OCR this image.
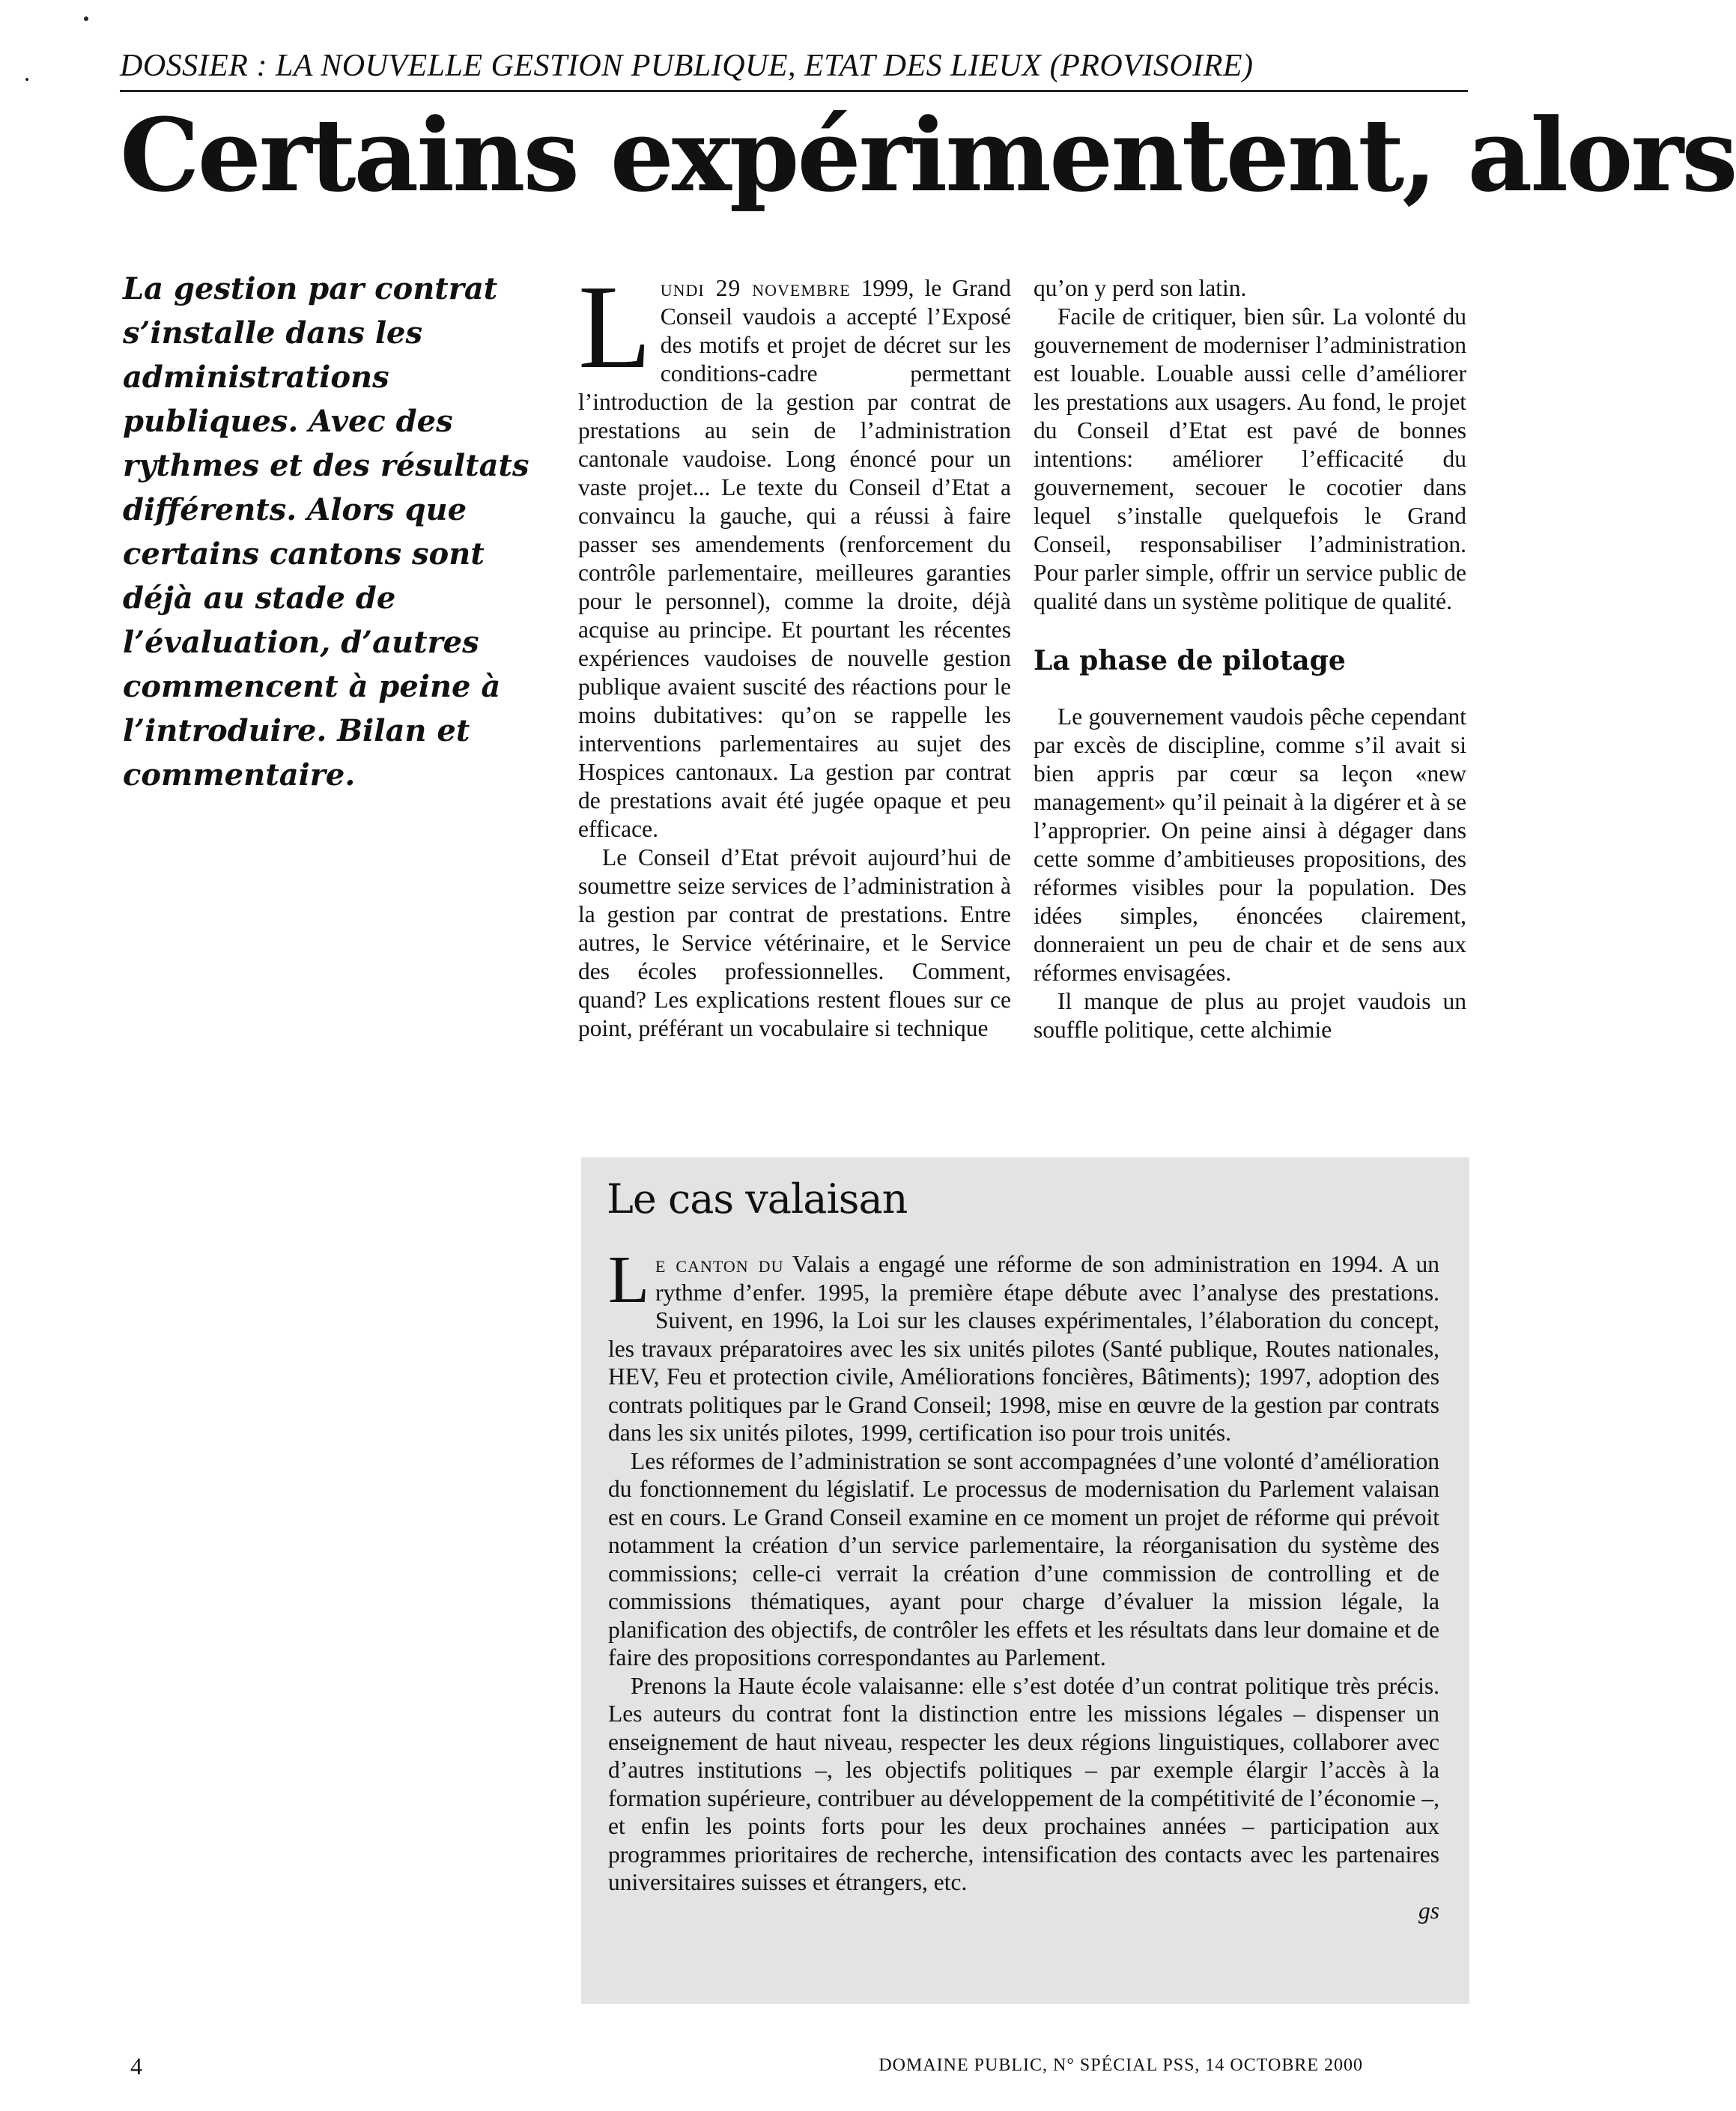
DOSSIER : LA NOUVELLE GESTION PUBLIQUE, ETAT DES LIEUX (PROVISOIRE)
Certains expérimentent, alors

La gestion par contrat s’installe dans les administrations publiques. Avec des rythmes et des résultats différents. Alors que certains cantons sont déjà au stade de l’évaluation, d’autres commencent à peine à l’introduire. Bilan et commentaire.

Lundi 29 novembre 1999, le Grand Conseil vaudois a accepté l’Exposé des motifs et projet de décret sur les conditions-cadre permettant l’introduction de la gestion par contrat de prestations au sein de l’administration cantonale vaudoise. Long énoncé pour un vaste projet... Le texte du Conseil d’Etat a convaincu la gauche, qui a réussi à faire passer ses amendements (renforcement du contrôle parlementaire, meilleures garanties pour le personnel), comme la droite, déjà acquise au principe. Et pourtant les récentes expériences vaudoises de nouvelle gestion publique avaient suscité des réactions pour le moins dubitatives: qu’on se rappelle les interventions parlementaires au sujet des Hospices cantonaux. La gestion par contrat de prestations avait été jugée opaque et peu efficace.

Le Conseil d’Etat prévoit aujourd’hui de soumettre seize services de l’administration à la gestion par contrat de prestations. Entre autres, le Service vétérinaire, et le Service des écoles professionnelles. Comment, quand? Les explications restent floues sur ce point, préférant un vocabulaire si technique

qu’on y perd son latin.

Facile de critiquer, bien sûr. La volonté du gouvernement de moderniser l’administration est louable. Louable aussi celle d’améliorer les prestations aux usagers. Au fond, le projet du Conseil d’Etat est pavé de bonnes intentions: améliorer l’efficacité du gouvernement, secouer le cocotier dans lequel s’installe quelquefois le Grand Conseil, responsabiliser l’administration. Pour parler simple, offrir un service public de qualité dans un système politique de qualité.

La phase de pilotage

Le gouvernement vaudois pêche cependant par excès de discipline, comme s’il avait si bien appris par cœur sa leçon «new management» qu’il peinait à la digérer et à se l’approprier. On peine ainsi à dégager dans cette somme d’ambitieuses propositions, des réformes visibles pour la population. Des idées simples, énoncées clairement, donneraient un peu de chair et de sens aux réformes envisagées.

Il manque de plus au projet vaudois un souffle politique, cette alchimie

Le cas valaisan

Le canton du Valais a engagé une réforme de son administration en 1994. A un rythme d’enfer. 1995, la première étape débute avec l’analyse des prestations. Suivent, en 1996, la Loi sur les clauses expérimentales, l’élaboration du concept, les travaux préparatoires avec les six unités pilotes (Santé publique, Routes nationales, HEV, Feu et protection civile, Améliorations foncières, Bâtiments); 1997, adoption des contrats politiques par le Grand Conseil; 1998, mise en œuvre de la gestion par contrats dans les six unités pilotes, 1999, certification iso pour trois unités.

Les réformes de l’administration se sont accompagnées d’une volonté d’amélioration du fonctionnement du législatif. Le processus de modernisation du Parlement valaisan est en cours. Le Grand Conseil examine en ce moment un projet de réforme qui prévoit notamment la création d’un service parlementaire, la réorganisation du système des commissions; celle-ci verrait la création d’une commission de controlling et de commissions thématiques, ayant pour charge d’évaluer la mission légale, la planification des objectifs, de contrôler les effets et les résultats dans leur domaine et de faire des propositions correspondantes au Parlement.

Prenons la Haute école valaisanne: elle s’est dotée d’un contrat politique très précis. Les auteurs du contrat font la distinction entre les missions légales – dispenser un enseignement de haut niveau, respecter les deux régions linguistiques, collaborer avec d’autres institutions –, les objectifs politiques – par exemple élargir l’accès à la formation supérieure, contribuer au développement de la compétitivité de l’économie –, et enfin les points forts pour les deux prochaines années – participation aux programmes prioritaires de recherche, intensification des contacts avec les partenaires universitaires suisses et étrangers, etc.

gs

4	DOMAINE PUBLIC, N° SPÉCIAL PSS, 14 OCTOBRE 2000
